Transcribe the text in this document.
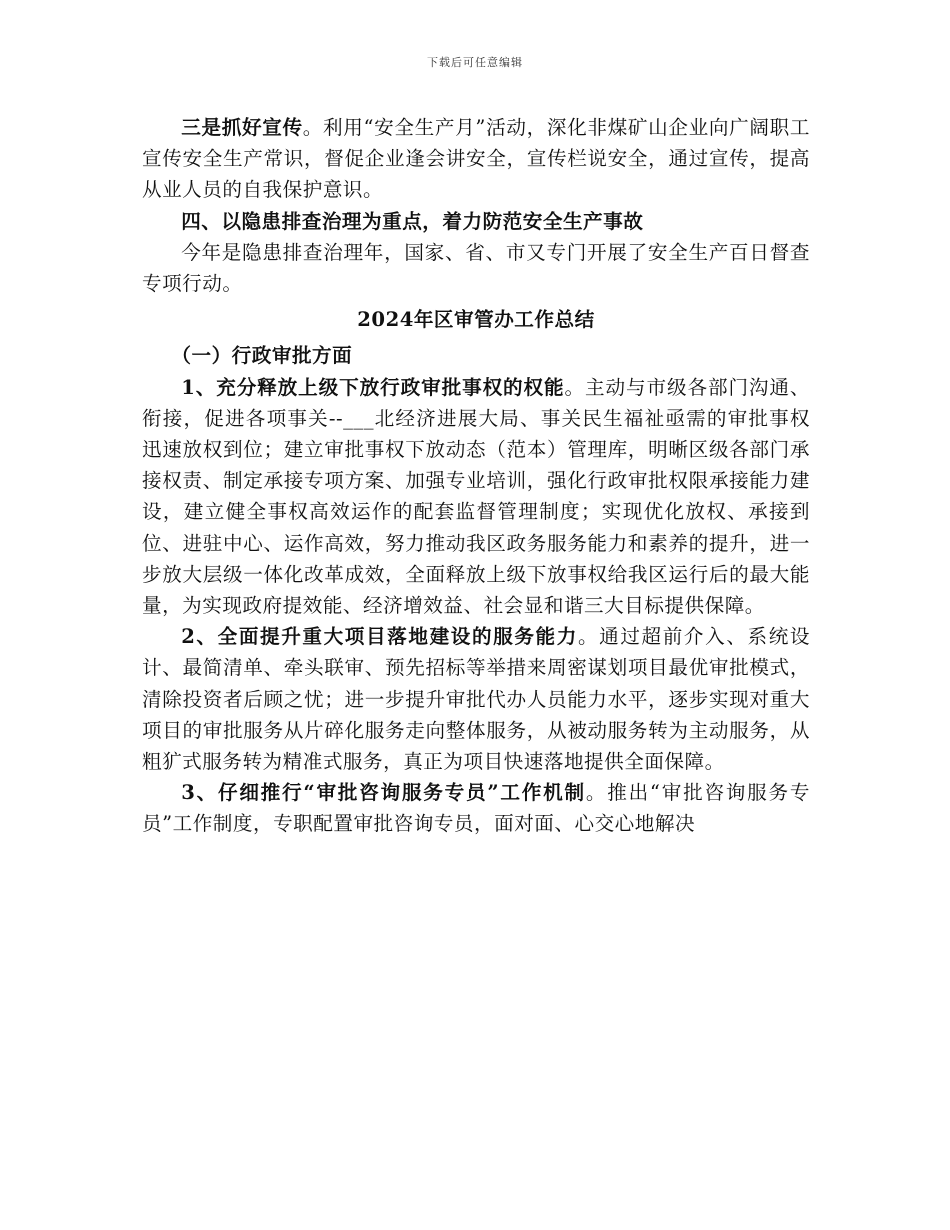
下载后可任意编辑

三是抓好宣传。利用“安全生产月”活动，深化非煤矿山企业向广阔职工宣传安全生产常识，督促企业逢会讲安全，宣传栏说安全，通过宣传，提高从业人员的自我保护意识。

四、以隐患排查治理为重点，着力防范安全生产事故

今年是隐患排查治理年，国家、省、市又专门开展了安全生产百日督查专项行动。

2024年区审管办工作总结

（一）行政审批方面

1、充分释放上级下放行政审批事权的权能。主动与市级各部门沟通、衔接，促进各项事关--___北经济进展大局、事关民生福祉亟需的审批事权迅速放权到位；建立审批事权下放动态（范本）管理库，明晰区级各部门承接权责、制定承接专项方案、加强专业培训，强化行政审批权限承接能力建设，建立健全事权高效运作的配套监督管理制度；实现优化放权、承接到位、进驻中心、运作高效，努力推动我区政务服务能力和素养的提升，进一步放大层级一体化改革成效，全面释放上级下放事权给我区运行后的最大能量，为实现政府提效能、经济增效益、社会显和谐三大目标提供保障。

2、全面提升重大项目落地建设的服务能力。通过超前介入、系统设计、最简清单、牵头联审、预先招标等举措来周密谋划项目最优审批模式，清除投资者后顾之忧；进一步提升审批代办人员能力水平，逐步实现对重大项目的审批服务从片碎化服务走向整体服务，从被动服务转为主动服务，从粗犷式服务转为精准式服务，真正为项目快速落地提供全面保障。

3、仔细推行“审批咨询服务专员”工作机制。推出“审批咨询服务专员”工作制度，专职配置审批咨询专员，面对面、心交心地解决
